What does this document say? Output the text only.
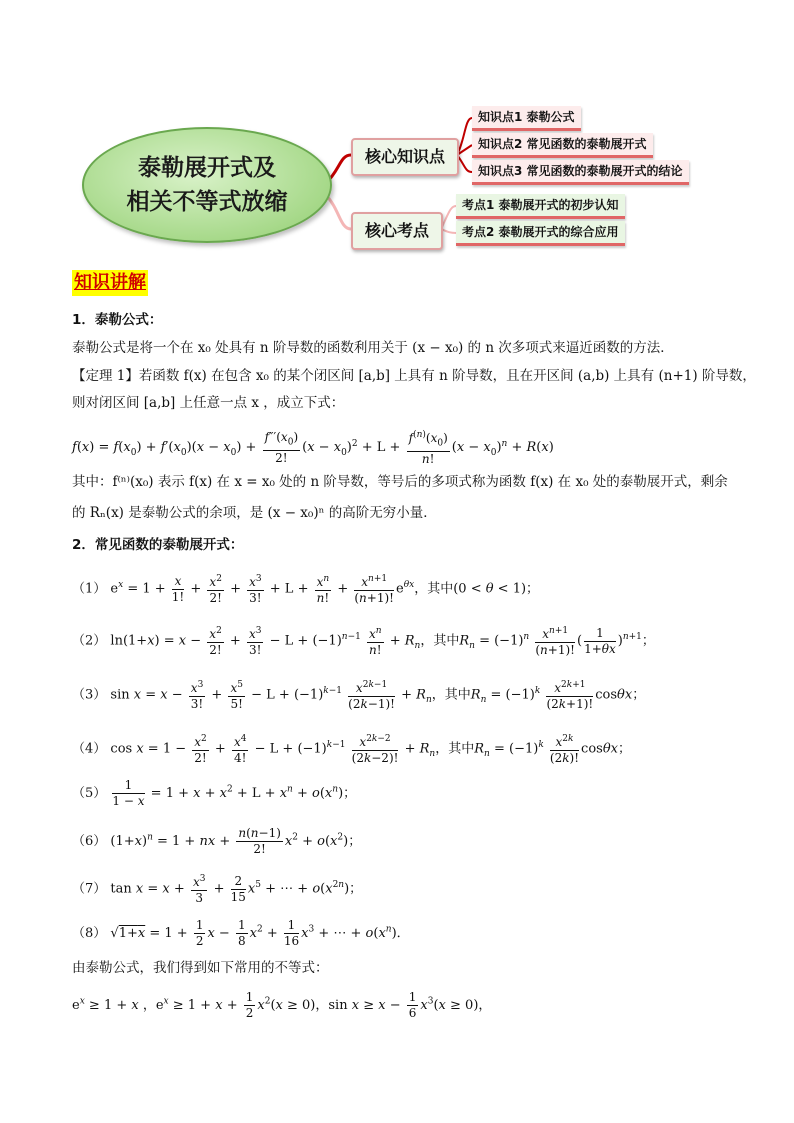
泰勒展开式及
相关不等式放缩
核心知识点
核心考点
知识点1 泰勒公式
知识点2 常见函数的泰勒展开式
知识点3 常见函数的泰勒展开式的结论
考点1 泰勒展开式的初步认知
考点2 泰勒展开式的综合应用
知识讲解
1．泰勒公式：
泰勒公式是将一个在 x₀ 处具有 n 阶导数的函数利用关于 (x − x₀) 的 n 次多项式来逼近函数的方法．
【定理 1】若函数 f(x) 在包含 x₀ 的某个闭区间 [a,b] 上具有 n 阶导数，且在开区间 (a,b) 上具有 (n+1) 阶导数，
则对闭区间 [a,b] 上任意一点 x ，成立下式：
$f(x) = f(x_0) + f'(x_0)(x - x_0) + \frac{f'''(x_0)}{2!} (x - x_0)^2 + L + \frac{f^{(n)}(x_0)}{n!} (x - x_0)^n + R(x)$
其中：f⁽ⁿ⁾(x₀) 表示 f(x) 在 x = x₀ 处的 n 阶导数，等号后的多项式称为函数 f(x) 在 x₀ 处的泰勒展开式，剩余
的 Rₙ(x) 是泰勒公式的余项，是 (x − x₀)ⁿ 的高阶无穷小量．
2．常见函数的泰勒展开式：
（1） $e^x = 1 + \frac{x}{1!} + \frac{x^2}{2!} + \frac{x^3}{3!} + L + \frac{x^n}{n!} + \frac{x^{n+1}}{(n+1)!} e^{\theta x}$，其中(0 < θ < 1)；
（2） $\ln(1+x) = x - \frac{x^2}{2!} + \frac{x^3}{3!} - L + (-1)^{n-1} \frac{x^n}{n!} + R_n$，其中$R_n = (-1)^n \frac{x^{n+1}}{(n+1)!}$ ( $\frac{1}{1+\theta x} )^{n+1}$；
（3） $\sin x = x - \frac{x^3}{3!} + \frac{x^5}{5!} - L + (-1)^{k-1} \frac{x^{2k-1}}{(2k-1)!} + R_n$，其中$R_n = (-1)^k \frac{x^{2k+1}}{(2k+1)!}$ cosθx；
（4） $\cos x = 1 - \frac{x^2}{2!} + \frac{x^4}{4!} - L + (-1)^{k-1} \frac{x^{2k-2}}{(2k-2)!} + R_n$，其中$R_n = (-1)^k \frac{x^{2k}}{(2k)!}$ cosθx；
$(5) \frac{1}{1 - x} = 1 + x + x^2 + L + x^n + o(x^n)$；
（6） $(1+x)^n = 1$ + nx + $\frac{n(n-1)}{2!} x^2 + o(x^2)$；
（7） $\tan x = x + \frac{x^3}{3} + \frac{2}{15} x^5$ + ⋯ + $o(x^{2n})$；
（8） $√1+x = 1 + \frac{1}{2}$ $x - \frac{1}{8} x^2 + \frac{1}{16} x^3$ + ⋯ + $o(x^n)$．
由泰勒公式，我们得到如下常用的不等式：
$e^x \ge 1 + x$ ，$e^x \ge 1 + x + \frac{1}{2} x^2(x \ge 0)$，$\sin x \ge x - \frac{1}{6} x^3(x \ge 0)$，
